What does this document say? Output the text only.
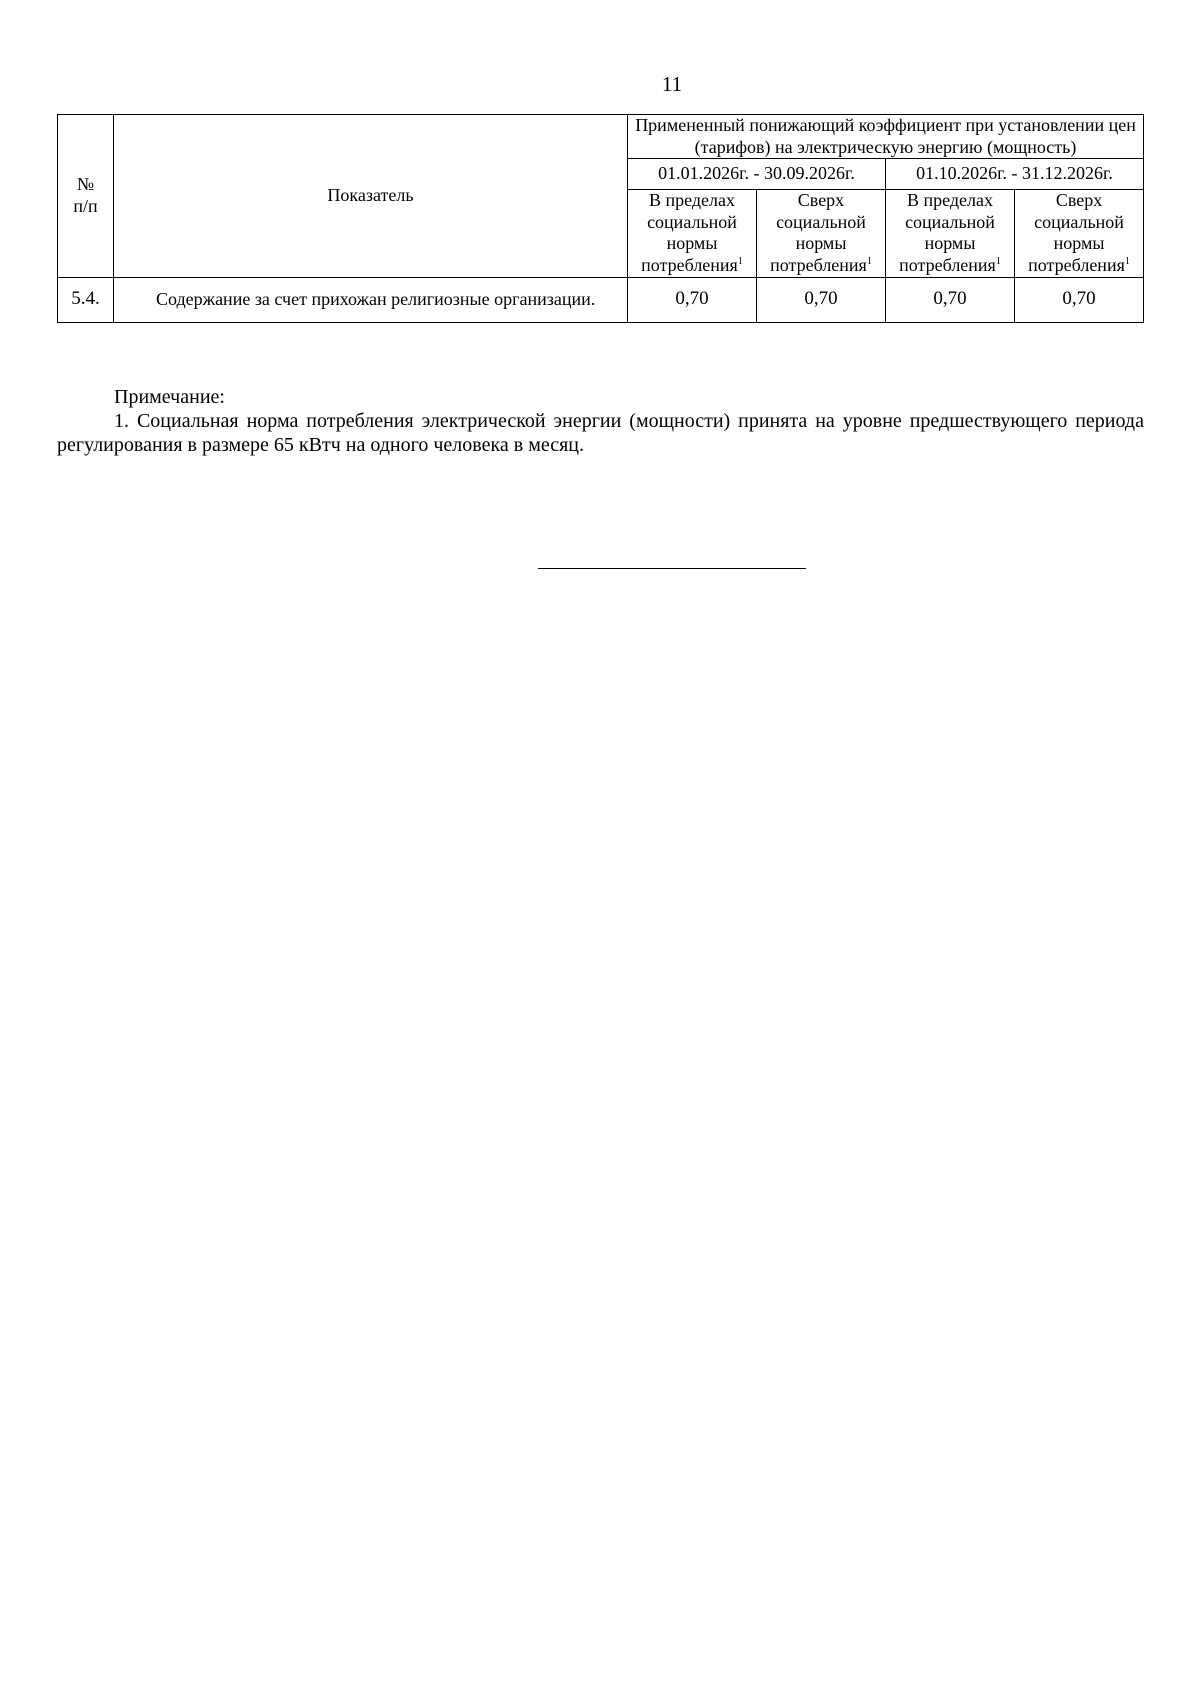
11
№
п/п	Показатель	Примененный понижающий коэффициент при установлении цен (тарифов) на электрическую энергию (мощность)			
		01.01.2026г. - 30.09.2026г.		01.10.2026г. - 31.12.2026г.	
		В пределах социальной нормы потребления$^1$	Сверх социальной нормы потребления$^1$	В пределах социальной нормы потребления$^1$	Сверх социальной нормы потребления$^1$
5.4.	Содержание за счет прихожан религиозные организации.	0,70	0,70	0,70	0,70
Примечание:
1. Социальная норма потребления электрической энергии (мощности) принята на уровне предшествующего периода регулирования в размере 65 кВтч на одного человека в месяц.
